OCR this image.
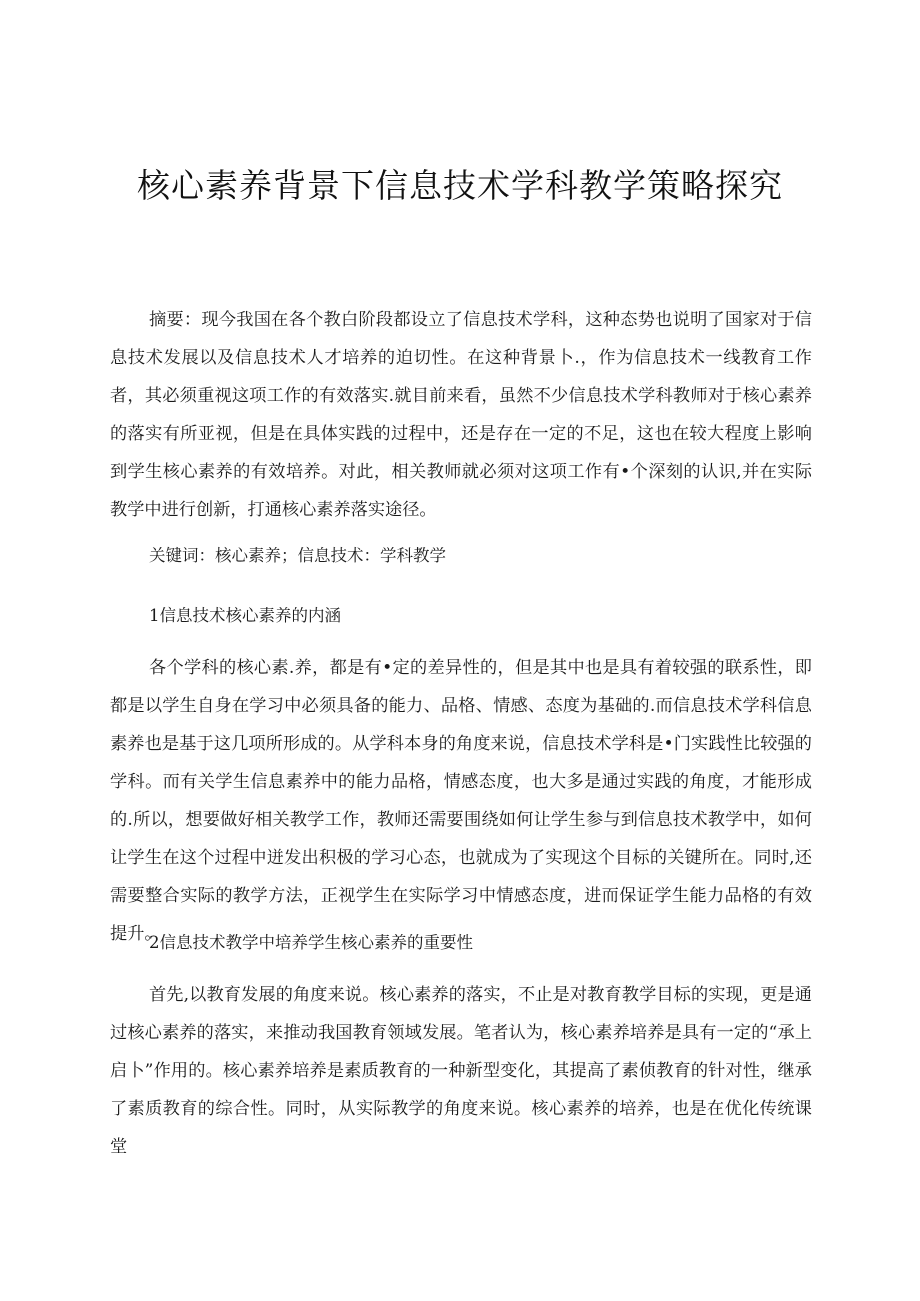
核心素养背景下信息技术学科教学策略探究
摘要：现今我国在各个教白阶段都设立了信息技术学科，这种态势也说明了国家对于信息技术发展以及信息技术人才培养的迫切性。在这种背景卜.，作为信息技术一线教育工作者，其必须重视这项工作的有效落实.就目前来看，虽然不少信息技术学科教师对于核心素养的落实有所亚视，但是在具体实践的过程中，还是存在一定的不足，这也在较大程度上影响到学生核心素养的有效培养。对此，相关教师就必须对这项工作有•个深刻的认识,并在实际教学中进行创新，打通核心素养落实途径。
关键词：核心素养；信息技术：学科教学
1信息技术核心素养的内涵
各个学科的核心素.养，都是有•定的差异性的，但是其中也是具有着较强的联系性，即都是以学生自身在学习中必须具备的能力、品格、情感、态度为基础的.而信息技术学科信息素养也是基于这几项所形成的。从学科本身的角度来说，信息技术学科是•门实践性比较强的学科。而有关学生信息素养中的能力品格，情感态度，也大多是通过实践的角度，才能形成的.所以，想要做好相关教学工作，教师还需要围绕如何让学生参与到信息技术教学中，如何让学生在这个过程中迸发出积极的学习心态，也就成为了实现这个目标的关键所在。同时,还需要整合实际的教学方法，正视学生在实际学习中情感态度，进而保证学生能力品格的有效提升。
2信息技术教学中培养学生核心素养的重要性
首先,以教育发展的角度来说。核心素养的落实，不止是对教育教学目标的实现，更是通过核心素养的落实，来推动我国教育领域发展。笔者认为，核心素养培养是具有一定的“承上启卜”作用的。核心素养培养是素质教育的一种新型变化，其提高了素侦教育的针对性，继承了素质教育的综合性。同时，从实际教学的角度来说。核心素养的培养，也是在优化传统课堂
